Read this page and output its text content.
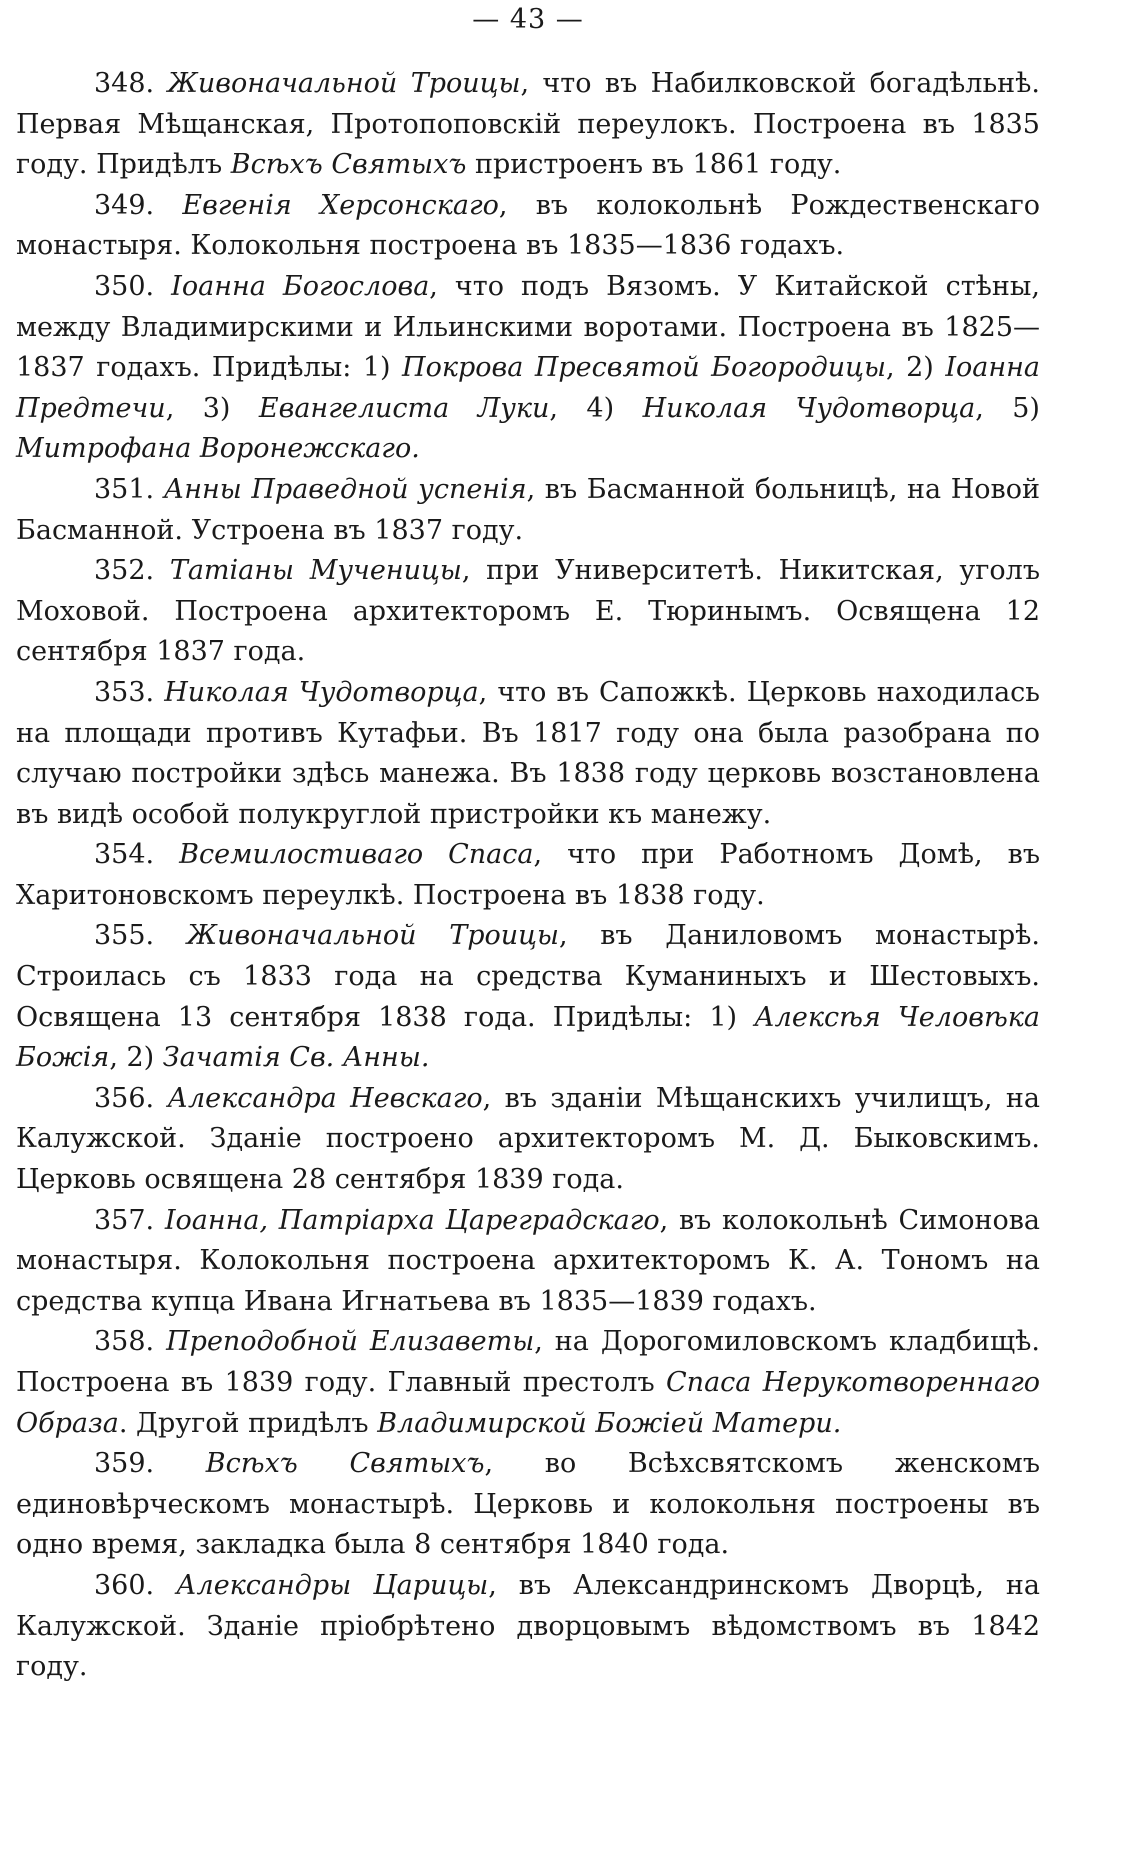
— 43 —

348. Живоначальной Троицы, что въ Набилковской богадѣльнѣ. Первая Мѣщанская, Протопоповскій переулокъ. Построена въ 1835 году. Придѣлъ Всѣхъ Святыхъ пристроенъ въ 1861 году.

349. Евгенія Херсонскаго, въ колокольнѣ Рождественскаго монастыря. Колокольня построена въ 1835—1836 годахъ.

350. Іоанна Богослова, что подъ Вязомъ. У Китайской стѣны, между Владимирскими и Ильинскими воротами. Построена въ 1825—1837 годахъ. Придѣлы: 1) Покрова Пресвятой Богородицы, 2) Іоанна Предтечи, 3) Евангелиста Луки, 4) Николая Чудотворца, 5) Митрофана Воронежскаго.

351. Анны Праведной успенія, въ Басманной больницѣ, на Новой Басманной. Устроена въ 1837 году.

352. Татіаны Мученицы, при Университетѣ. Никитская, уголъ Моховой. Построена архитекторомъ Е. Тюринымъ. Освящена 12 сентября 1837 года.

353. Николая Чудотворца, что въ Сапожкѣ. Церковь находилась на площади противъ Кутафьи. Въ 1817 году она была разобрана по случаю постройки здѣсь манежа. Въ 1838 году церковь возстановлена въ видѣ особой полукруглой пристройки къ манежу.

354. Всемилостиваго Спаса, что при Работномъ Домѣ, въ Харитоновскомъ переулкѣ. Построена въ 1838 году.

355. Живоначальной Троицы, въ Даниловомъ монастырѣ. Строилась съ 1833 года на средства Куманиныхъ и Шестовыхъ. Освящена 13 сентября 1838 года. Придѣлы: 1) Алексѣя Человѣка Божія, 2) Зачатія Св. Анны.

356. Александра Невскаго, въ зданіи Мѣщанскихъ училищъ, на Калужской. Зданіе построено архитекторомъ М. Д. Быковскимъ. Церковь освящена 28 сентября 1839 года.

357. Іоанна, Патріарха Цареградскаго, въ колокольнѣ Симонова монастыря. Колокольня построена архитекторомъ К. А. Тономъ на средства купца Ивана Игнатьева въ 1835—1839 годахъ.

358. Преподобной Елизаветы, на Дорогомиловскомъ кладбищѣ. Построена въ 1839 году. Главный престолъ Спаса Нерукотвореннаго Образа. Другой придѣлъ Владимирской Божіей Матери.

359. Всѣхъ Святыхъ, во Всѣхсвятскомъ женскомъ единовѣрческомъ монастырѣ. Церковь и колокольня построены въ одно время, закладка была 8 сентября 1840 года.

360. Александры Царицы, въ Александринскомъ Дворцѣ, на Калужской. Зданіе пріобрѣтено дворцовымъ вѣдомствомъ въ 1842 году.
